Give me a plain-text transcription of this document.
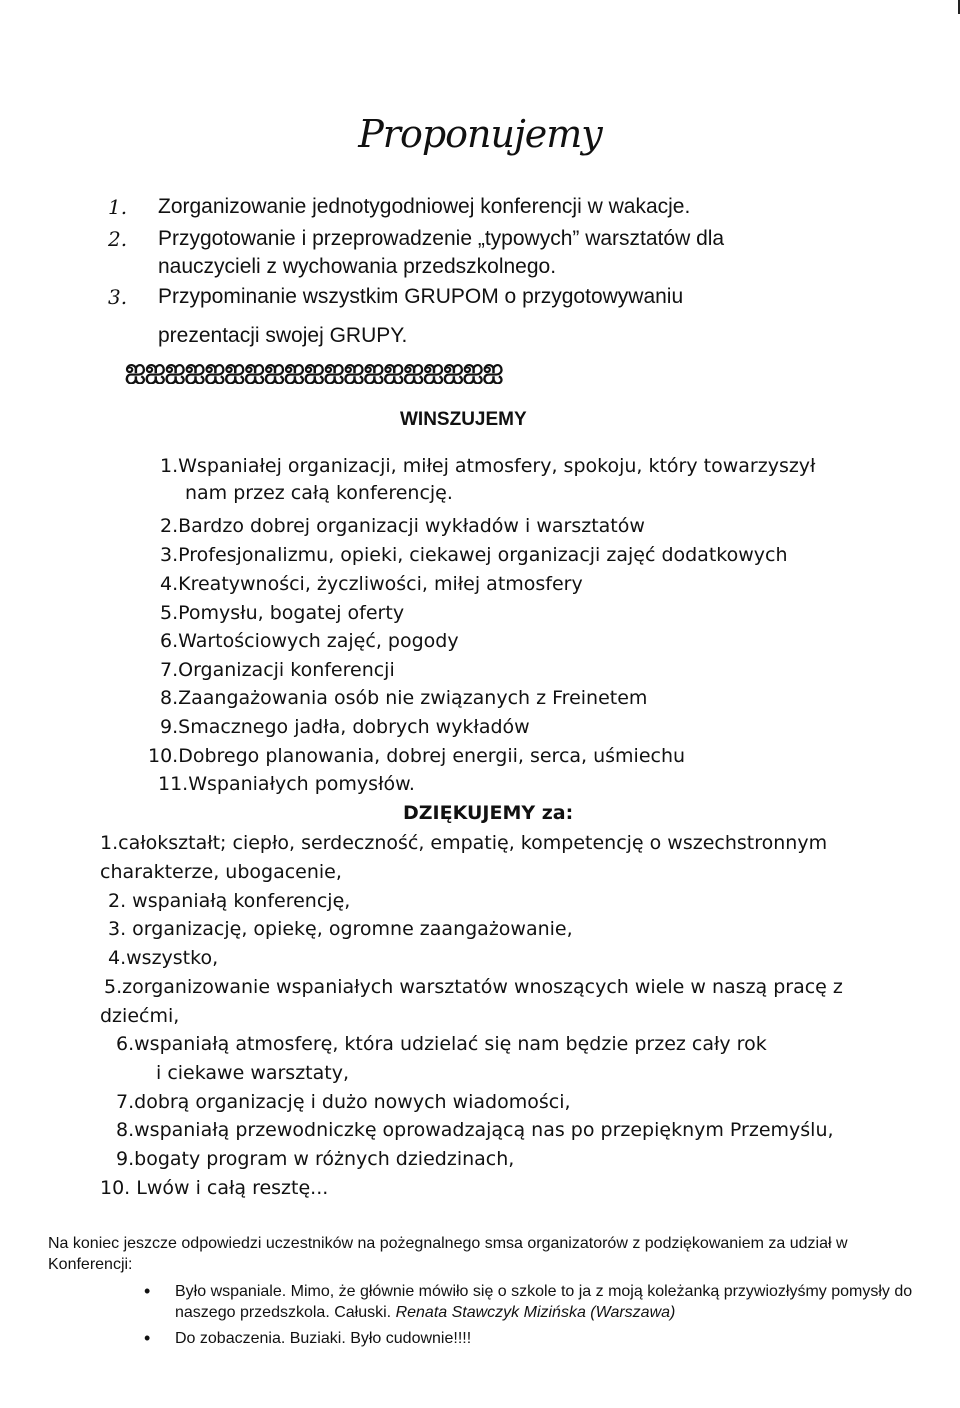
Proponujemy
1. Zorganizowanie jednotygodniowej konferencji w wakacje.
2. Przygotowanie i przeprowadzenie „typowych” warsztatów dla
nauczycieli z wychowania przedszkolnego.
3. Przypominanie wszystkim GRUPOM o przygotowywaniu
prezentacji swojej GRUPY.
ஐஐஐஐஐஐஐஐஐஐஐஐஐஐஐஐஐஐஐ
WINSZUJEMY
1.Wspaniałej organizacji, miłej atmosfery, spokoju, który towarzyszył
nam przez całą konferencję.
2.Bardzo dobrej organizacji wykładów i warsztatów
3.Profesjonalizmu, opieki, ciekawej organizacji zajęć dodatkowych
4.Kreatywności, życzliwości, miłej atmosfery
5.Pomysłu, bogatej oferty
6.Wartościowych zajęć, pogody
7.Organizacji konferencji
8.Zaangażowania osób nie związanych z Freinetem
9.Smacznego jadła, dobrych wykładów
10.Dobrego planowania, dobrej energii, serca, uśmiechu
11.Wspaniałych pomysłów.
DZIĘKUJEMY za:
1.całokształt; ciepło, serdeczność, empatię, kompetencję o wszechstronnym
charakterze, ubogacenie,
2. wspaniałą konferencję,
3. organizację, opiekę, ogromne zaangażowanie,
4.wszystko,
5.zorganizowanie wspaniałych warsztatów wnoszących wiele w naszą pracę z
dziećmi,
6.wspaniałą atmosferę, która udzielać się nam będzie przez cały rok
i ciekawe warsztaty,
7.dobrą organizację i dużo nowych wiadomości,
8.wspaniałą przewodniczkę oprowadzającą nas po przepięknym Przemyślu,
9.bogaty program w różnych dziedzinach,
10. Lwów i całą resztę...

Na koniec jeszcze odpowiedzi uczestników na pożegnalnego smsa organizatorów z podziękowaniem za udział w Konferencji:

• Było wspaniale. Mimo, że głównie mówiło się o szkole to ja z moją koleżanką przywiozłyśmy pomysły do naszego przedszkola. Całuski. Renata Stawczyk Mizińska (Warszawa)
• Do zobaczenia. Buziaki. Było cudownie!!!!
